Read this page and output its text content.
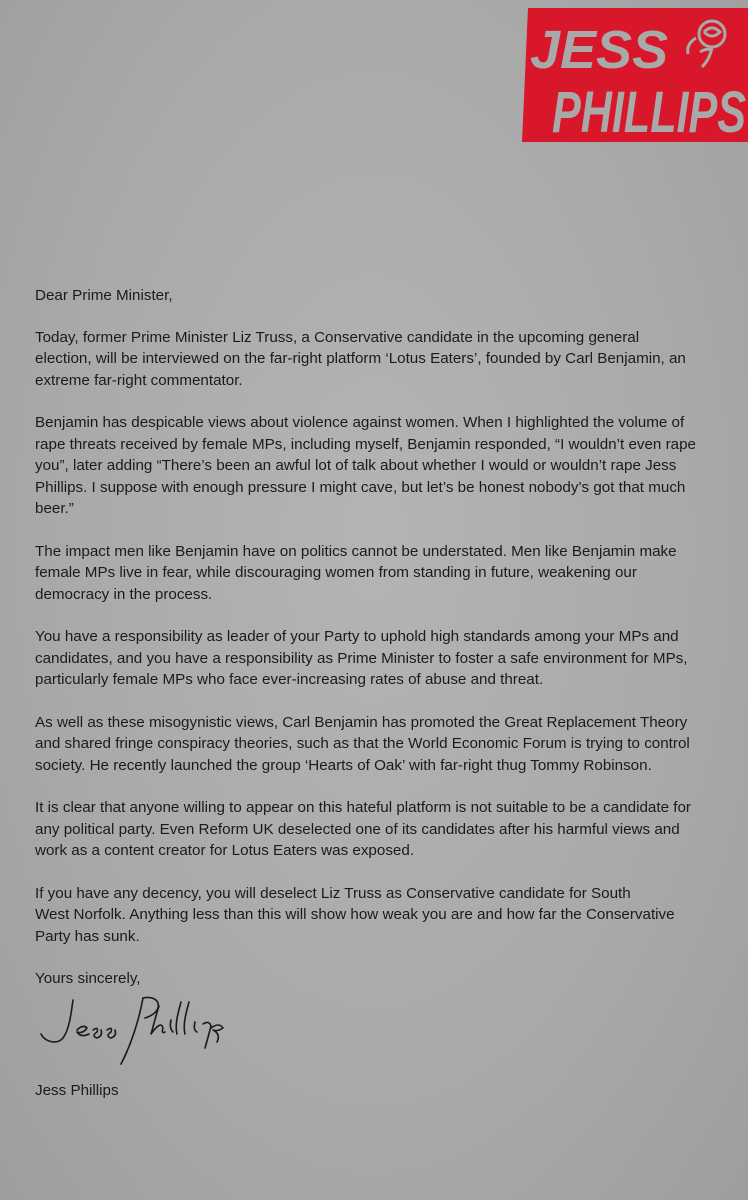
JESS
PHILLIPS

Dear Prime Minister,

Today, former Prime Minister Liz Truss, a Conservative candidate in the upcoming general
election, will be interviewed on the far-right platform ‘Lotus Eaters’, founded by Carl Benjamin, an
extreme far-right commentator.

Benjamin has despicable views about violence against women. When I highlighted the volume of
rape threats received by female MPs, including myself, Benjamin responded, “I wouldn’t even rape
you”, later adding “There’s been an awful lot of talk about whether I would or wouldn’t rape Jess
Phillips. I suppose with enough pressure I might cave, but let’s be honest nobody’s got that much
beer.”

The impact men like Benjamin have on politics cannot be understated. Men like Benjamin make
female MPs live in fear, while discouraging women from standing in future, weakening our
democracy in the process.

You have a responsibility as leader of your Party to uphold high standards among your MPs and
candidates, and you have a responsibility as Prime Minister to foster a safe environment for MPs,
particularly female MPs who face ever-increasing rates of abuse and threat.

As well as these misogynistic views, Carl Benjamin has promoted the Great Replacement Theory
and shared fringe conspiracy theories, such as that the World Economic Forum is trying to control
society. He recently launched the group ‘Hearts of Oak’ with far-right thug Tommy Robinson.

It is clear that anyone willing to appear on this hateful platform is not suitable to be a candidate for
any political party. Even Reform UK deselected one of its candidates after his harmful views and
work as a content creator for Lotus Eaters was exposed.

If you have any decency, you will deselect Liz Truss as Conservative candidate for South
West Norfolk. Anything less than this will show how weak you are and how far the Conservative
Party has sunk.

Yours sincerely,

Jess Phillips
